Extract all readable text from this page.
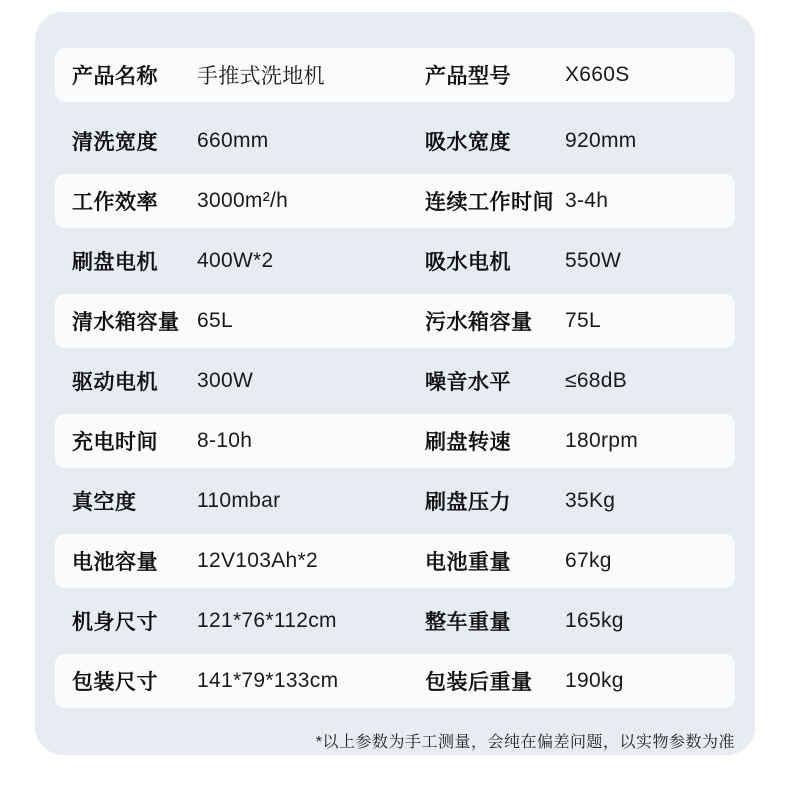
产品名称	手推式洗地机	产品型号	X660S
清洗宽度	660mm	吸水宽度	920mm
工作效率	3000m²/h	连续工作时间 3-4h
刷盘电机	400W*2	吸水电机	550W
清水箱容量 65L	污水箱容量	75L
驱动电机	300W	噪音水平	≤68dB
充电时间	8-10h	刷盘转速	180rpm
真空度	110mbar	刷盘压力	35Kg
电池容量	12V103Ah*2	电池重量	67kg
机身尺寸	121*76*112cm	整车重量	165kg
包装尺寸	141*79*133cm	包装后重量	190kg
*以上参数为手工测量，会纯在偏差问题，以实物参数为准
